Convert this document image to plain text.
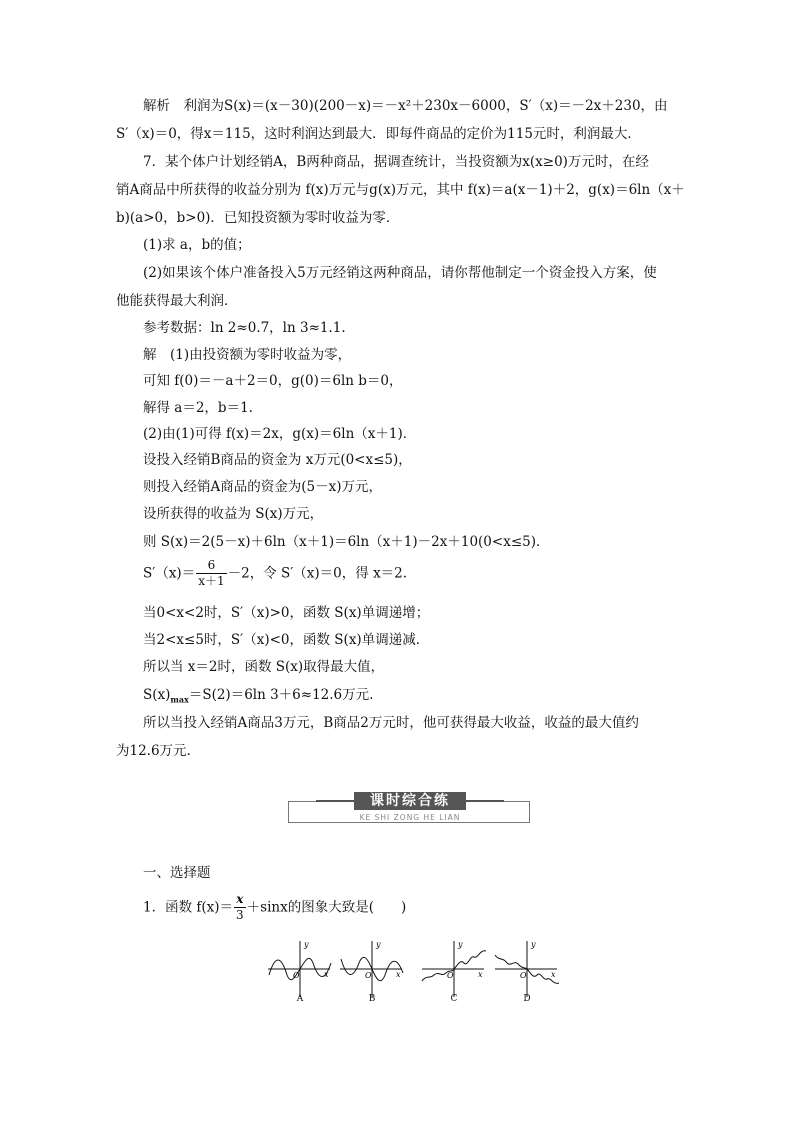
解析　利润为S(x)＝(x－30)(200－x)＝－x²＋230x－6000，S′（x)＝－2x＋230，由
S′（x)＝0，得x＝115，这时利润达到最大．即每件商品的定价为115元时，利润最大．
7．某个体户计划经销A，B两种商品，据调查统计，当投资额为x(x≥0)万元时，在经
销A商品中所获得的收益分别为 f(x)万元与g(x)万元，其中 f(x)＝a(x－1)＋2，g(x)＝6ln（x＋
b)(a>0，b>0)．已知投资额为零时收益为零．
(1)求 a，b的值；
(2)如果该个体户准备投入5万元经销这两种商品，请你帮他制定一个资金投入方案，使
他能获得最大利润．
参考数据：ln 2≈0.7，ln 3≈1.1.
解　(1)由投资额为零时收益为零，
可知 f(0)＝－a＋2＝0，g(0)＝6ln b＝0，
解得 a＝2，b＝1.
(2)由(1)可得 f(x)＝2x，g(x)＝6ln（x＋1)．
设投入经销B商品的资金为 x万元(0<x≤5)，
则投入经销A商品的资金为(5－x)万元，
设所获得的收益为 S(x)万元，
则 S(x)＝2(5－x)＋6ln（x＋1)＝6ln（x＋1)－2x＋10(0<x≤5)．
$S'(x)= \frac{6}{x+1} -2$，令 S′（x)＝0，得 x＝2.
当0<x<2时，S′（x)>0，函数 S(x)单调递增；
当2<x≤5时，S′（x)<0，函数 S(x)单调递减．
所以当 x＝2时，函数 S(x)取得最大值，
$S(x)_{max}=S(2)=6\ln$ 3＋6≈12.6万元.
所以当投入经销A商品3万元，B商品2万元时，他可获得最大收益，收益的最大值约
为12.6万元.
课时综合练
KE SHI ZONG HE LIAN
一、选择题
1．函数 $f(x)= \frac{x}{3} +\sin x$的图象大致是(　　)
y
x
O
A
y
x
O
B
y
x
O
C
y
x
O
D
